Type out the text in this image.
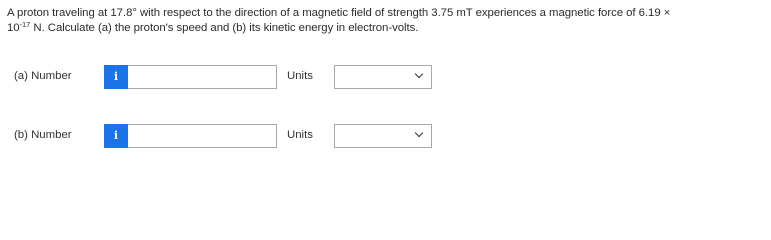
A proton traveling at 17.8° with respect to the direction of a magnetic field of strength 3.75 mT experiences a magnetic force of 6.19 ×
$10^{-17}$ N. Calculate (a) the proton's speed and (b) its kinetic energy in electron-volts.
(a) Number	i	Units
(b) Number	i	Units
